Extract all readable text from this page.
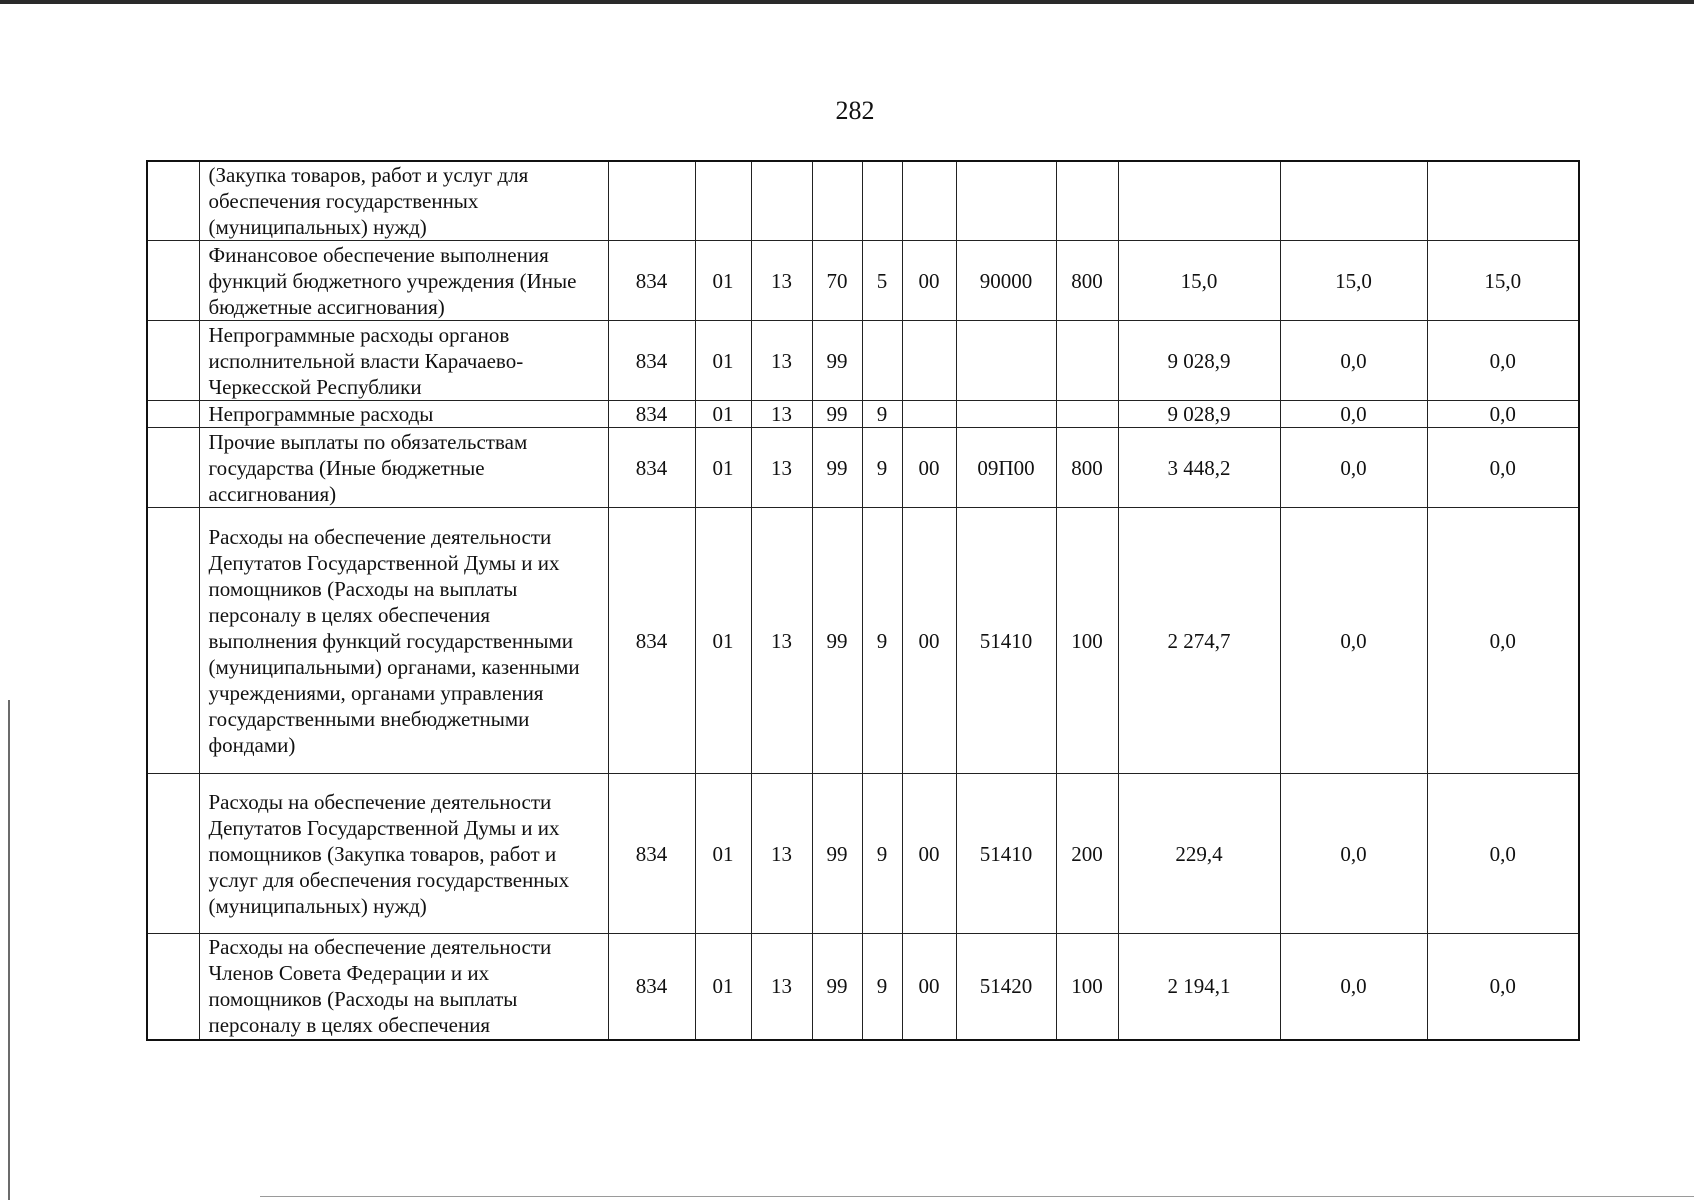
282
	(Закупка товаров, работ и услуг для обеспечения государственных (муниципальных) нужд)											
	Финансовое обеспечение выполнения функций бюджетного учреждения (Иные бюджетные ассигнования)	834	01	13	70	5	00	90000	800	15,0	15,0	15,0
	Непрограммные расходы органов исполнительной власти Карачаево-Черкесской Республики	834	01	13	99					9 028,9	0,0	0,0
	Непрограммные расходы	834	01	13	99	9				9 028,9	0,0	0,0
	Прочие выплаты по обязательствам государства (Иные бюджетные ассигнования)	834	01	13	99	9	00	09П00	800	3 448,2	0,0	0,0
	Расходы на обеспечение деятельности Депутатов Государственной Думы и их помощников (Расходы на выплаты персоналу в целях обеспечения выполнения функций государственными (муниципальными) органами, казенными учреждениями, органами управления государственными внебюджетными фондами)	834	01	13	99	9	00	51410	100	2 274,7	0,0	0,0
	Расходы на обеспечение деятельности Депутатов Государственной Думы и их помощников (Закупка товаров, работ и услуг для обеспечения государственных (муниципальных) нужд)	834	01	13	99	9	00	51410	200	229,4	0,0	0,0
	Расходы на обеспечение деятельности Членов Совета Федерации и их помощников (Расходы на выплаты персоналу в целях обеспечения	834	01	13	99	9	00	51420	100	2 194,1	0,0	0,0
